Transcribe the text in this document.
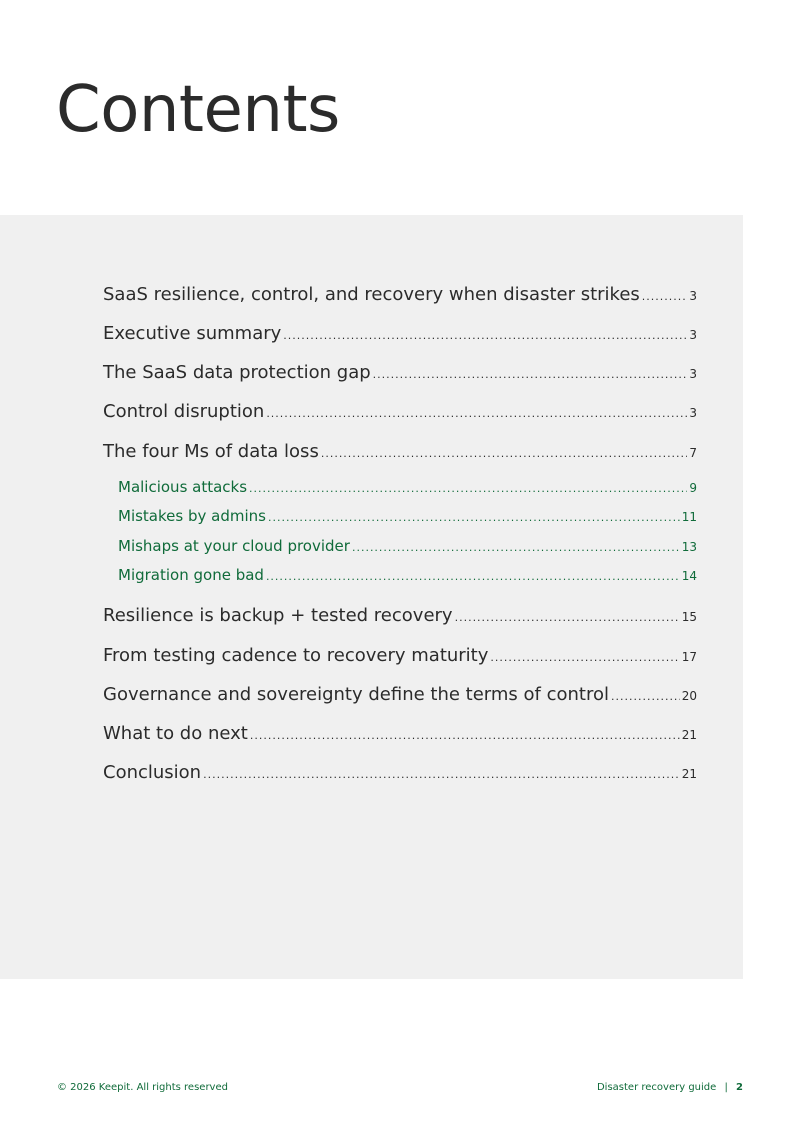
Contents
SaaS resilience, control, and recovery when disaster strikes .....	3
Executive summary .....	3
The SaaS data protection gap .....	3
Control disruption .....	3
The four Ms of data loss .....	7
Malicious attacks .....	9
Mistakes by admins .....	11
Mishaps at your cloud provider .....	13
Migration gone bad .....	14
Resilience is backup + tested recovery .....	15
From testing cadence to recovery maturity .....	17
Governance and sovereignty define the terms of control .....	20
What to do next .....	21
Conclusion .....	21
© 2026 Keepit. All rights reserved	Disaster recovery guide | 2
